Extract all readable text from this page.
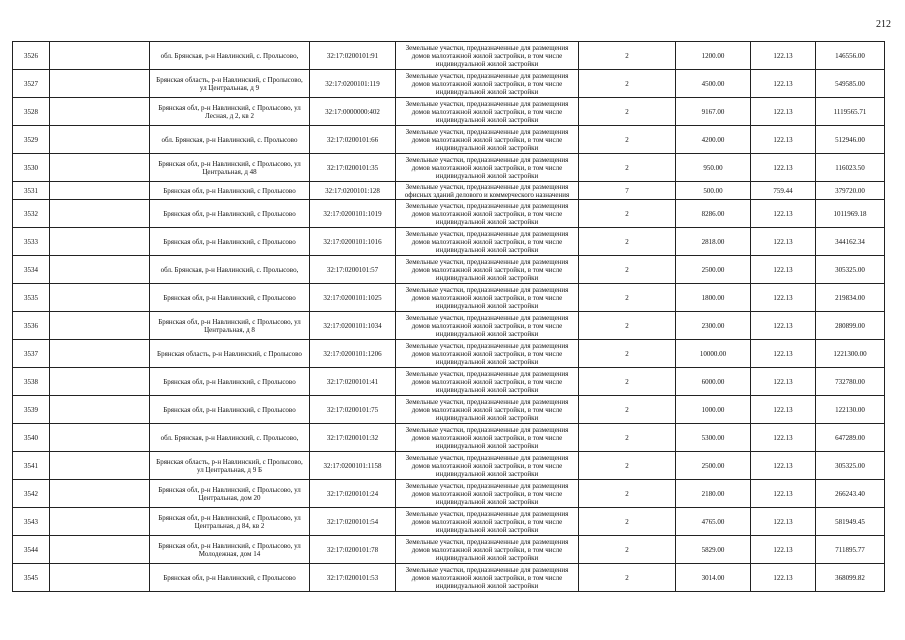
212
3526		обл. Брянская, р-н Навлинский, с. Пролысово,	32:17:0200101:91	Земельные участки, предназначенные для размещения домов малоэтажной жилой застройки, в том числе индивидуальной жилой застройки	2	1200.00	122.13	146556.00
3527		Брянская область, р-н Навлинский, с Пролысово, ул Центральная, д 9	32:17:0200101:119	Земельные участки, предназначенные для размещения домов малоэтажной жилой застройки, в том числе индивидуальной жилой застройки	2	4500.00	122.13	549585.00
3528		Брянская обл, р-н Навлинский, с Пролысово, ул Лесная, д 2, кв 2	32:17:0000000:402	Земельные участки, предназначенные для размещения домов малоэтажной жилой застройки, в том числе индивидуальной жилой застройки	2	9167.00	122.13	1119565.71
3529		обл. Брянская, р-н Навлинский, с. Пролысово	32:17:0200101:66	Земельные участки, предназначенные для размещения домов малоэтажной жилой застройки, в том числе индивидуальной жилой застройки	2	4200.00	122.13	512946.00
3530		Брянская обл, р-н Навлинский, с Пролысово, ул Центральная, д 48	32:17:0200101:35	Земельные участки, предназначенные для размещения домов малоэтажной жилой застройки, в том числе индивидуальной жилой застройки	2	950.00	122.13	116023.50
3531		Брянская обл, р-н Навлинский, с Пролысово	32:17:0200101:128	Земельные участки, предназначенные для размещения офисных зданий делового и коммерческого назначения	7	500.00	759.44	379720.00
3532		Брянская обл, р-н Навлинский, с Пролысово	32:17:0200101:1019	Земельные участки, предназначенные для размещения домов малоэтажной жилой застройки, в том числе индивидуальной жилой застройки	2	8286.00	122.13	1011969.18
3533		Брянская обл, р-н Навлинский, с Пролысово	32:17:0200101:1016	Земельные участки, предназначенные для размещения домов малоэтажной жилой застройки, в том числе индивидуальной жилой застройки	2	2818.00	122.13	344162.34
3534		обл. Брянская, р-н Навлинский, с. Пролысово,	32:17:0200101:57	Земельные участки, предназначенные для размещения домов малоэтажной жилой застройки, в том числе индивидуальной жилой застройки	2	2500.00	122.13	305325.00
3535		Брянская обл, р-н Навлинский, с Пролысово	32:17:0200101:1025	Земельные участки, предназначенные для размещения домов малоэтажной жилой застройки, в том числе индивидуальной жилой застройки	2	1800.00	122.13	219834.00
3536		Брянская обл, р-н Навлинский, с Пролысово, ул Центральная, д 8	32:17:0200101:1034	Земельные участки, предназначенные для размещения домов малоэтажной жилой застройки, в том числе индивидуальной жилой застройки	2	2300.00	122.13	280899.00
3537		Брянская область, р-н Навлинский, с Пролысово	32:17:0200101:1206	Земельные участки, предназначенные для размещения домов малоэтажной жилой застройки, в том числе индивидуальной жилой застройки	2	10000.00	122.13	1221300.00
3538		Брянская обл, р-н Навлинский, с Пролысово	32:17:0200101:41	Земельные участки, предназначенные для размещения домов малоэтажной жилой застройки, в том числе индивидуальной жилой застройки	2	6000.00	122.13	732780.00
3539		Брянская обл, р-н Навлинский, с Пролысово	32:17:0200101:75	Земельные участки, предназначенные для размещения домов малоэтажной жилой застройки, в том числе индивидуальной жилой застройки	2	1000.00	122.13	122130.00
3540		обл. Брянская, р-н Навлинский, с. Пролысово,	32:17:0200101:32	Земельные участки, предназначенные для размещения домов малоэтажной жилой застройки, в том числе индивидуальной жилой застройки	2	5300.00	122.13	647289.00
3541		Брянская область, р-н Навлинский, с Пролысово, ул Центральная, д 9 Б	32:17:0200101:1158	Земельные участки, предназначенные для размещения домов малоэтажной жилой застройки, в том числе индивидуальной жилой застройки	2	2500.00	122.13	305325.00
3542		Брянская обл, р-н Навлинский, с Пролысово, ул Центральная, дом 20	32:17:0200101:24	Земельные участки, предназначенные для размещения домов малоэтажной жилой застройки, в том числе индивидуальной жилой застройки	2	2180.00	122.13	266243.40
3543		Брянская обл, р-н Навлинский, с Пролысово, ул Центральная, д 84, кв 2	32:17:0200101:54	Земельные участки, предназначенные для размещения домов малоэтажной жилой застройки, в том числе индивидуальной жилой застройки	2	4765.00	122.13	581949.45
3544		Брянская обл, р-н Навлинский, с Пролысово, ул Молодежная, дом 14	32:17:0200101:78	Земельные участки, предназначенные для размещения домов малоэтажной жилой застройки, в том числе индивидуальной жилой застройки	2	5829.00	122.13	711895.77
3545		Брянская обл, р-н Навлинский, с Пролысово	32:17:0200101:53	Земельные участки, предназначенные для размещения домов малоэтажной жилой застройки, в том числе индивидуальной жилой застройки	2	3014.00	122.13	368099.82
